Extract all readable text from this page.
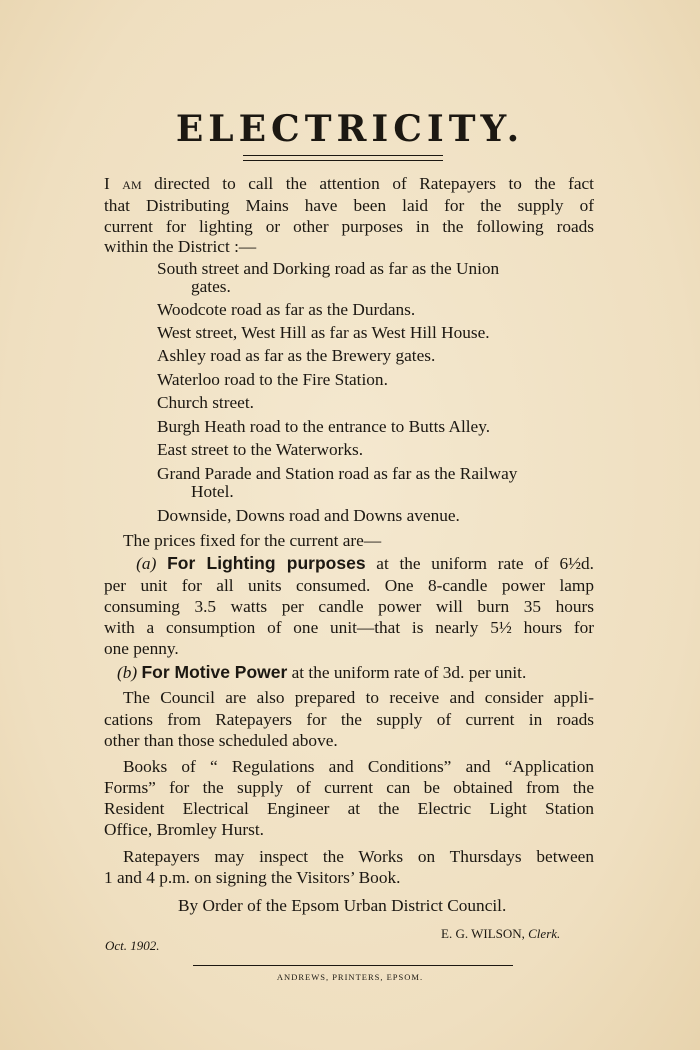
ELECTRICITY.
I AM directed to call the attention of Ratepayers to the fact
that Distributing Mains have been laid for the supply of
current for lighting or other purposes in the following roads
within the District :—
South street and Dorking road as far as the Union
gates.
Woodcote road as far as the Durdans.
West street, West Hill as far as West Hill House.
Ashley road as far as the Brewery gates.
Waterloo road to the Fire Station.
Church street.
Burgh Heath road to the entrance to Butts Alley.
East street to the Waterworks.
Grand Parade and Station road as far as the Railway
Hotel.
Downside, Downs road and Downs avenue.
The prices fixed for the current are—
(a) For Lighting purposes at the uniform rate of 6½d.
per unit for all units consumed. One 8-candle power lamp
consuming 3.5 watts per candle power will burn 35 hours
with a consumption of one unit—that is nearly 5½ hours for
one penny.
(b) For Motive Power at the uniform rate of 3d. per unit.
The Council are also prepared to receive and consider appli-
cations from Ratepayers for the supply of current in roads
other than those scheduled above.
Books of “ Regulations and Conditions” and “Application
Forms” for the supply of current can be obtained from the
Resident Electrical Engineer at the Electric Light Station
Office, Bromley Hurst.
Ratepayers may inspect the Works on Thursdays between
1 and 4 p.m. on signing the Visitors’ Book.
By Order of the Epsom Urban District Council.
E. G. WILSON, Clerk.
Oct. 1902.
ANDREWS, PRINTERS, EPSOM.
